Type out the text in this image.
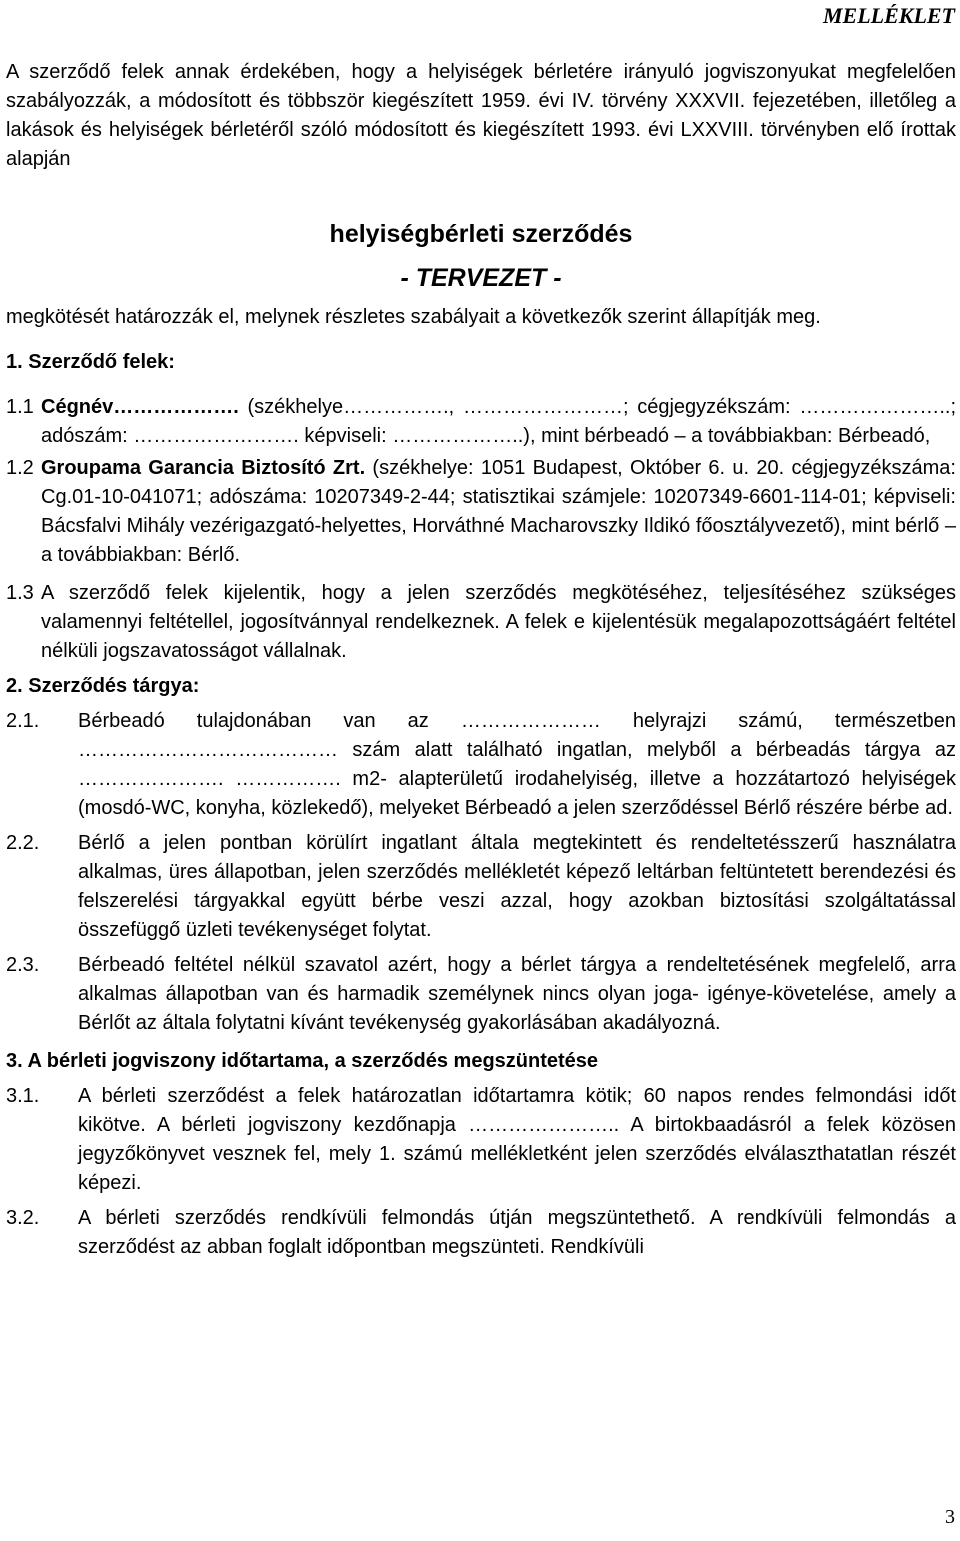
MELLÉKLET

A szerződő felek annak érdekében, hogy a helyiségek bérletére irányuló jogviszonyukat megfelelően szabályozzák, a módosított és többször kiegészített 1959. évi IV. törvény XXXVII. fejezetében, illetőleg a lakások és helyiségek bérletéről szóló módosított és kiegészített 1993. évi LXXVIII. törvényben elő írottak alapján

helyiségbérleti szerződés
- TERVEZET -

megkötését határozzák el, melynek részletes szabályait a következők szerint állapítják meg.

1. Szerződő felek:
1.1 Cégnév………………. (székhelye……………., ……………………; cégjegyzékszám: …………………..; adószám: ……………………. képviseli: ………………..), mint bérbeadó – a továbbiakban: Bérbeadó,

1.2 Groupama Garancia Biztosító Zrt. (székhelye: 1051 Budapest, Október 6. u. 20. cégjegyzékszáma: Cg.01-10-041071; adószáma: 10207349-2-44; statisztikai számjele: 10207349-6601-114-01; képviseli: Bácsfalvi Mihály vezérigazgató-helyettes, Horváthné Macharovszky Ildikó főosztályvezető), mint bérlő – a továbbiakban: Bérlő.

1.3 A szerződő felek kijelentik, hogy a jelen szerződés megkötéséhez, teljesítéséhez szükséges valamennyi feltétellel, jogosítvánnyal rendelkeznek. A felek e kijelentésük megalapozottságáért feltétel nélküli jogszavatosságot vállalnak.

2. Szerződés tárgya:
2.1.	Bérbeadó tulajdonában van az ………………… helyrajzi számú, természetben ………………………………… szám alatt található ingatlan, melyből a bérbeadás tárgya az …………………. ……………. m2- alapterületű irodahelyiség, illetve a hozzátartozó helyiségek (mosdó-WC, konyha, közlekedő), melyeket Bérbeadó a jelen szerződéssel Bérlő részére bérbe ad.

2.2.	Bérlő a jelen pontban körülírt ingatlant általa megtekintett és rendeltetésszerű használatra alkalmas, üres állapotban, jelen szerződés mellékletét képező leltárban feltüntetett berendezési és felszerelési tárgyakkal együtt bérbe veszi azzal, hogy azokban biztosítási szolgáltatással összefüggő üzleti tevékenységet folytat.

2.3.	Bérbeadó feltétel nélkül szavatol azért, hogy a bérlet tárgya a rendeltetésének megfelelő, arra alkalmas állapotban van és harmadik személynek nincs olyan joga- igénye-követelése, amely a Bérlőt az általa folytatni kívánt tevékenység gyakorlásában akadályozná.

3. A bérleti jogviszony időtartama, a szerződés megszüntetése
3.1.	A bérleti szerződést a felek határozatlan időtartamra kötik; 60 napos rendes felmondási időt kikötve. A bérleti jogviszony kezdőnapja ………………….. A birtokbaadásról a felek közösen jegyzőkönyvet vesznek fel, mely 1. számú mellékletként jelen szerződés elválaszthatatlan részét képezi.

3.2.	A bérleti szerződés rendkívüli felmondás útján megszüntethető. A rendkívüli felmondás a szerződést az abban foglalt időpontban megszünteti. Rendkívüli

3
